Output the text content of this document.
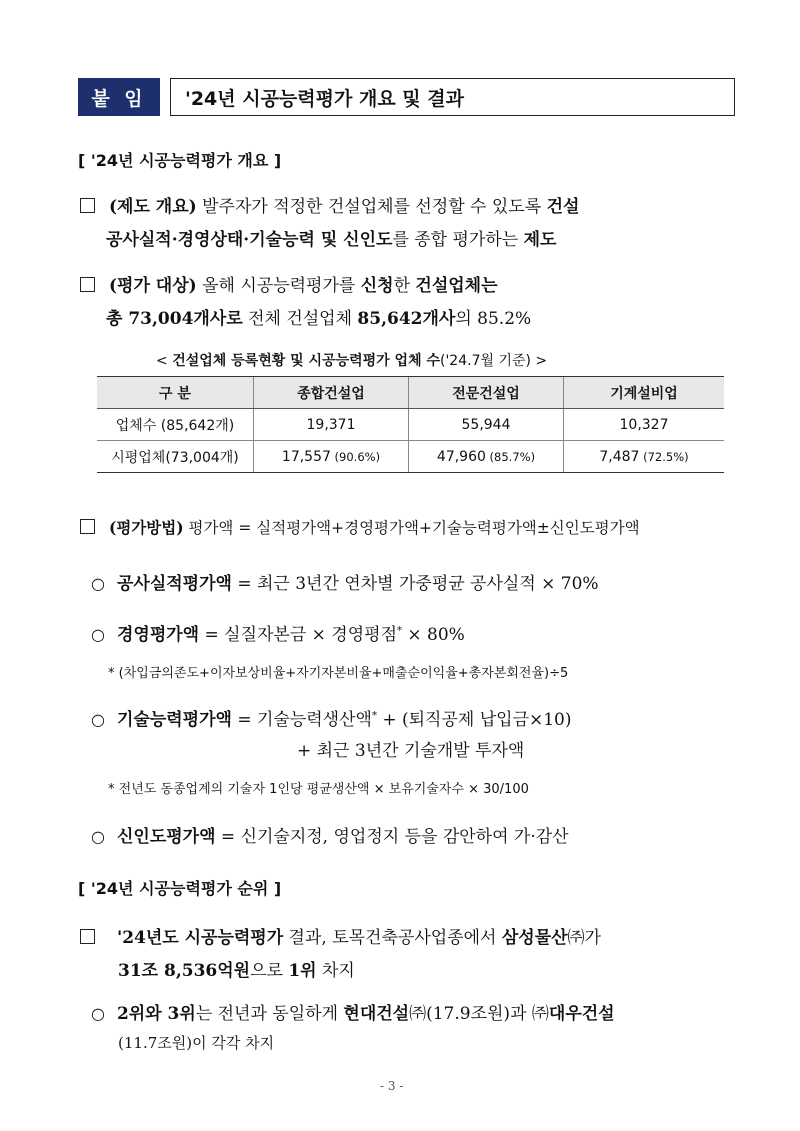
붙 임	'24년 시공능력평가 개요 및 결과
[ '24년 시공능력평가 개요 ]
(제도 개요) 발주자가 적정한 건설업체를 선정할 수 있도록 건설
공사실적·경영상태·기술능력 및 신인도를 종합 평가하는 제도
(평가 대상) 올해 시공능력평가를 신청한 건설업체는
총 73,004개사로 전체 건설업체 85,642개사의 85.2%
< 건설업체 등록현황 및 시공능력평가 업체 수('24.7월 기준) >
구 분	종합건설업	전문건설업	기계설비업
업체수 (85,642개)	19,371	55,944	10,327
시평업체(73,004개)	17,557 (90.6%)	47,960 (85.7%)	7,487 (72.5%)
(평가방법) 평가액 = 실적평가액+경영평가액+기술능력평가액±신인도평가액
○ 공사실적평가액 = 최근 3년간 연차별 가중평균 공사실적 × 70%
○ 경영평가액 = 실질자본금 × 경영평점* × 80%
* (차입금의존도+이자보상비율+자기자본비율+매출순이익율+총자본회전율)÷5
○ 기술능력평가액 = 기술능력생산액* + (퇴직공제 납입금×10)
+ 최근 3년간 기술개발 투자액
* 전년도 동종업계의 기술자 1인당 평균생산액 × 보유기술자수 × 30/100
○ 신인도평가액 = 신기술지정, 영업정지 등을 감안하여 가·감산
[ '24년 시공능력평가 순위 ]
'24년도 시공능력평가 결과, 토목건축공사업종에서 삼성물산㈜가
31조 8,536억원으로 1위 차지
○ 2위와 3위는 전년과 동일하게 현대건설㈜(17.9조원)과 ㈜대우건설
(11.7조원)이 각각 차지
- 3 -
